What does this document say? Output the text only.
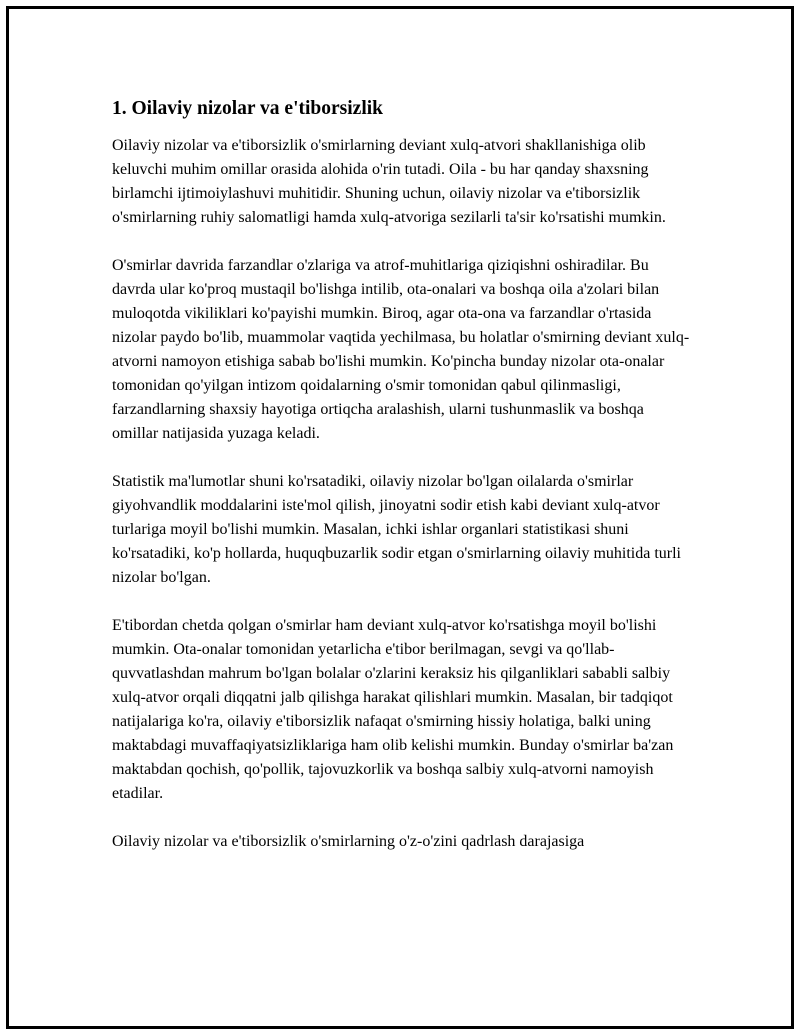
1. Oilaviy nizolar va e'tiborsizlik

Oilaviy nizolar va e'tiborsizlik o'smirlarning deviant xulq-atvori shakllanishiga olib keluvchi muhim omillar orasida alohida o'rin tutadi. Oila - bu har qanday shaxsning birlamchi ijtimoiylashuvi muhitidir. Shuning uchun, oilaviy nizolar va e'tiborsizlik o'smirlarning ruhiy salomatligi hamda xulq-atvoriga sezilarli ta'sir ko'rsatishi mumkin.

O'smirlar davrida farzandlar o'zlariga va atrof-muhitlariga qiziqishni oshiradilar. Bu davrda ular ko'proq mustaqil bo'lishga intilib, ota-onalari va boshqa oila a'zolari bilan muloqotda vikiliklari ko'payishi mumkin. Biroq, agar ota-ona va farzandlar o'rtasida nizolar paydo bo'lib, muammolar vaqtida yechilmasa, bu holatlar o'smirning deviant xulq-atvorni namoyon etishiga sabab bo'lishi mumkin. Ko'pincha bunday nizolar ota-onalar tomonidan qo'yilgan intizom qoidalarning o'smir tomonidan qabul qilinmasligi, farzandlarning shaxsiy hayotiga ortiqcha aralashish, ularni tushunmaslik va boshqa omillar natijasida yuzaga keladi.

Statistik ma'lumotlar shuni ko'rsatadiki, oilaviy nizolar bo'lgan oilalarda o'smirlar giyohvandlik moddalarini iste'mol qilish, jinoyatni sodir etish kabi deviant xulq-atvor turlariga moyil bo'lishi mumkin. Masalan, ichki ishlar organlari statistikasi shuni ko'rsatadiki, ko'p hollarda, huquqbuzarlik sodir etgan o'smirlarning oilaviy muhitida turli nizolar bo'lgan.

E'tibordan chetda qolgan o'smirlar ham deviant xulq-atvor ko'rsatishga moyil bo'lishi mumkin. Ota-onalar tomonidan yetarlicha e'tibor berilmagan, sevgi va qo'llab-quvvatlashdan mahrum bo'lgan bolalar o'zlarini keraksiz his qilganliklari sababli salbiy xulq-atvor orqali diqqatni jalb qilishga harakat qilishlari mumkin. Masalan, bir tadqiqot natijalariga ko'ra, oilaviy e'tiborsizlik nafaqat o'smirning hissiy holatiga, balki uning maktabdagi muvaffaqiyatsizliklariga ham olib kelishi mumkin. Bunday o'smirlar ba'zan maktabdan qochish, qo'pollik, tajovuzkorlik va boshqa salbiy xulq-atvorni namoyish etadilar.

Oilaviy nizolar va e'tiborsizlik o'smirlarning o'z-o'zini qadrlash darajasiga
